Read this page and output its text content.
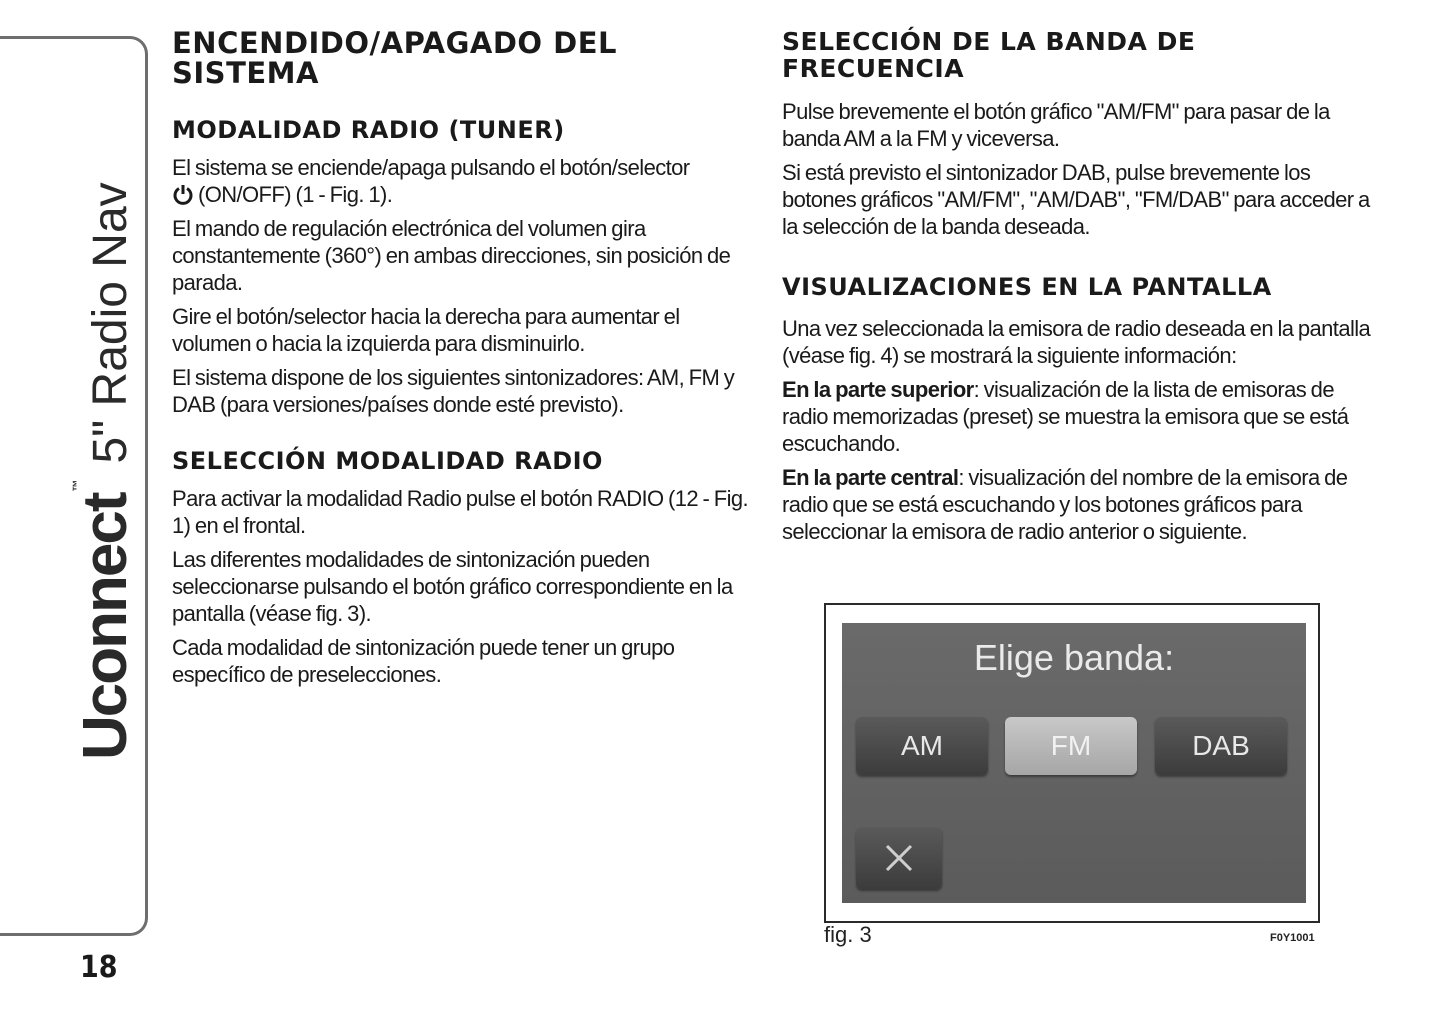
Uconnect™
5" Radio Nav
18
ENCENDIDO/APAGADO DEL SISTEMA
MODALIDAD RADIO (TUNER)

El sistema se enciende/apaga pulsando el botón/selector
(ON/OFF) (1 - Fig. 1).

El mando de regulación electrónica del volumen gira constantemente (360°) en ambas direcciones, sin posición de parada.

Gire el botón/selector hacia la derecha para aumentar el volumen o hacia la izquierda para disminuirlo.

El sistema dispone de los siguientes sintonizadores: AM, FM y DAB (para versiones/países donde esté previsto).

SELECCIÓN MODALIDAD RADIO

Para activar la modalidad Radio pulse el botón RADIO (12 - Fig. 1) en el frontal.

Las diferentes modalidades de sintonización pueden seleccionarse pulsando el botón gráfico correspondiente en la pantalla (véase fig. 3).

Cada modalidad de sintonización puede tener un grupo específico de preselecciones.

SELECCIÓN DE LA BANDA DE FRECUENCIA

Pulse brevemente el botón gráfico "AM/FM" para pasar de la banda AM a la FM y viceversa.

Si está previsto el sintonizador DAB, pulse brevemente los botones gráficos "AM/FM", "AM/DAB", "FM/DAB" para acceder a la selección de la banda deseada.

VISUALIZACIONES EN LA PANTALLA

Una vez seleccionada la emisora de radio deseada en la pantalla (véase fig. 4) se mostrará la siguiente información:

En la parte superior: visualización de la lista de emisoras de radio memorizadas (preset) se muestra la emisora que se está escuchando.

En la parte central: visualización del nombre de la emisora de radio que se está escuchando y los botones gráficos para seleccionar la emisora de radio anterior o siguiente.

Elige banda:
AM	FM	DAB
fig. 3	F0Y1001
